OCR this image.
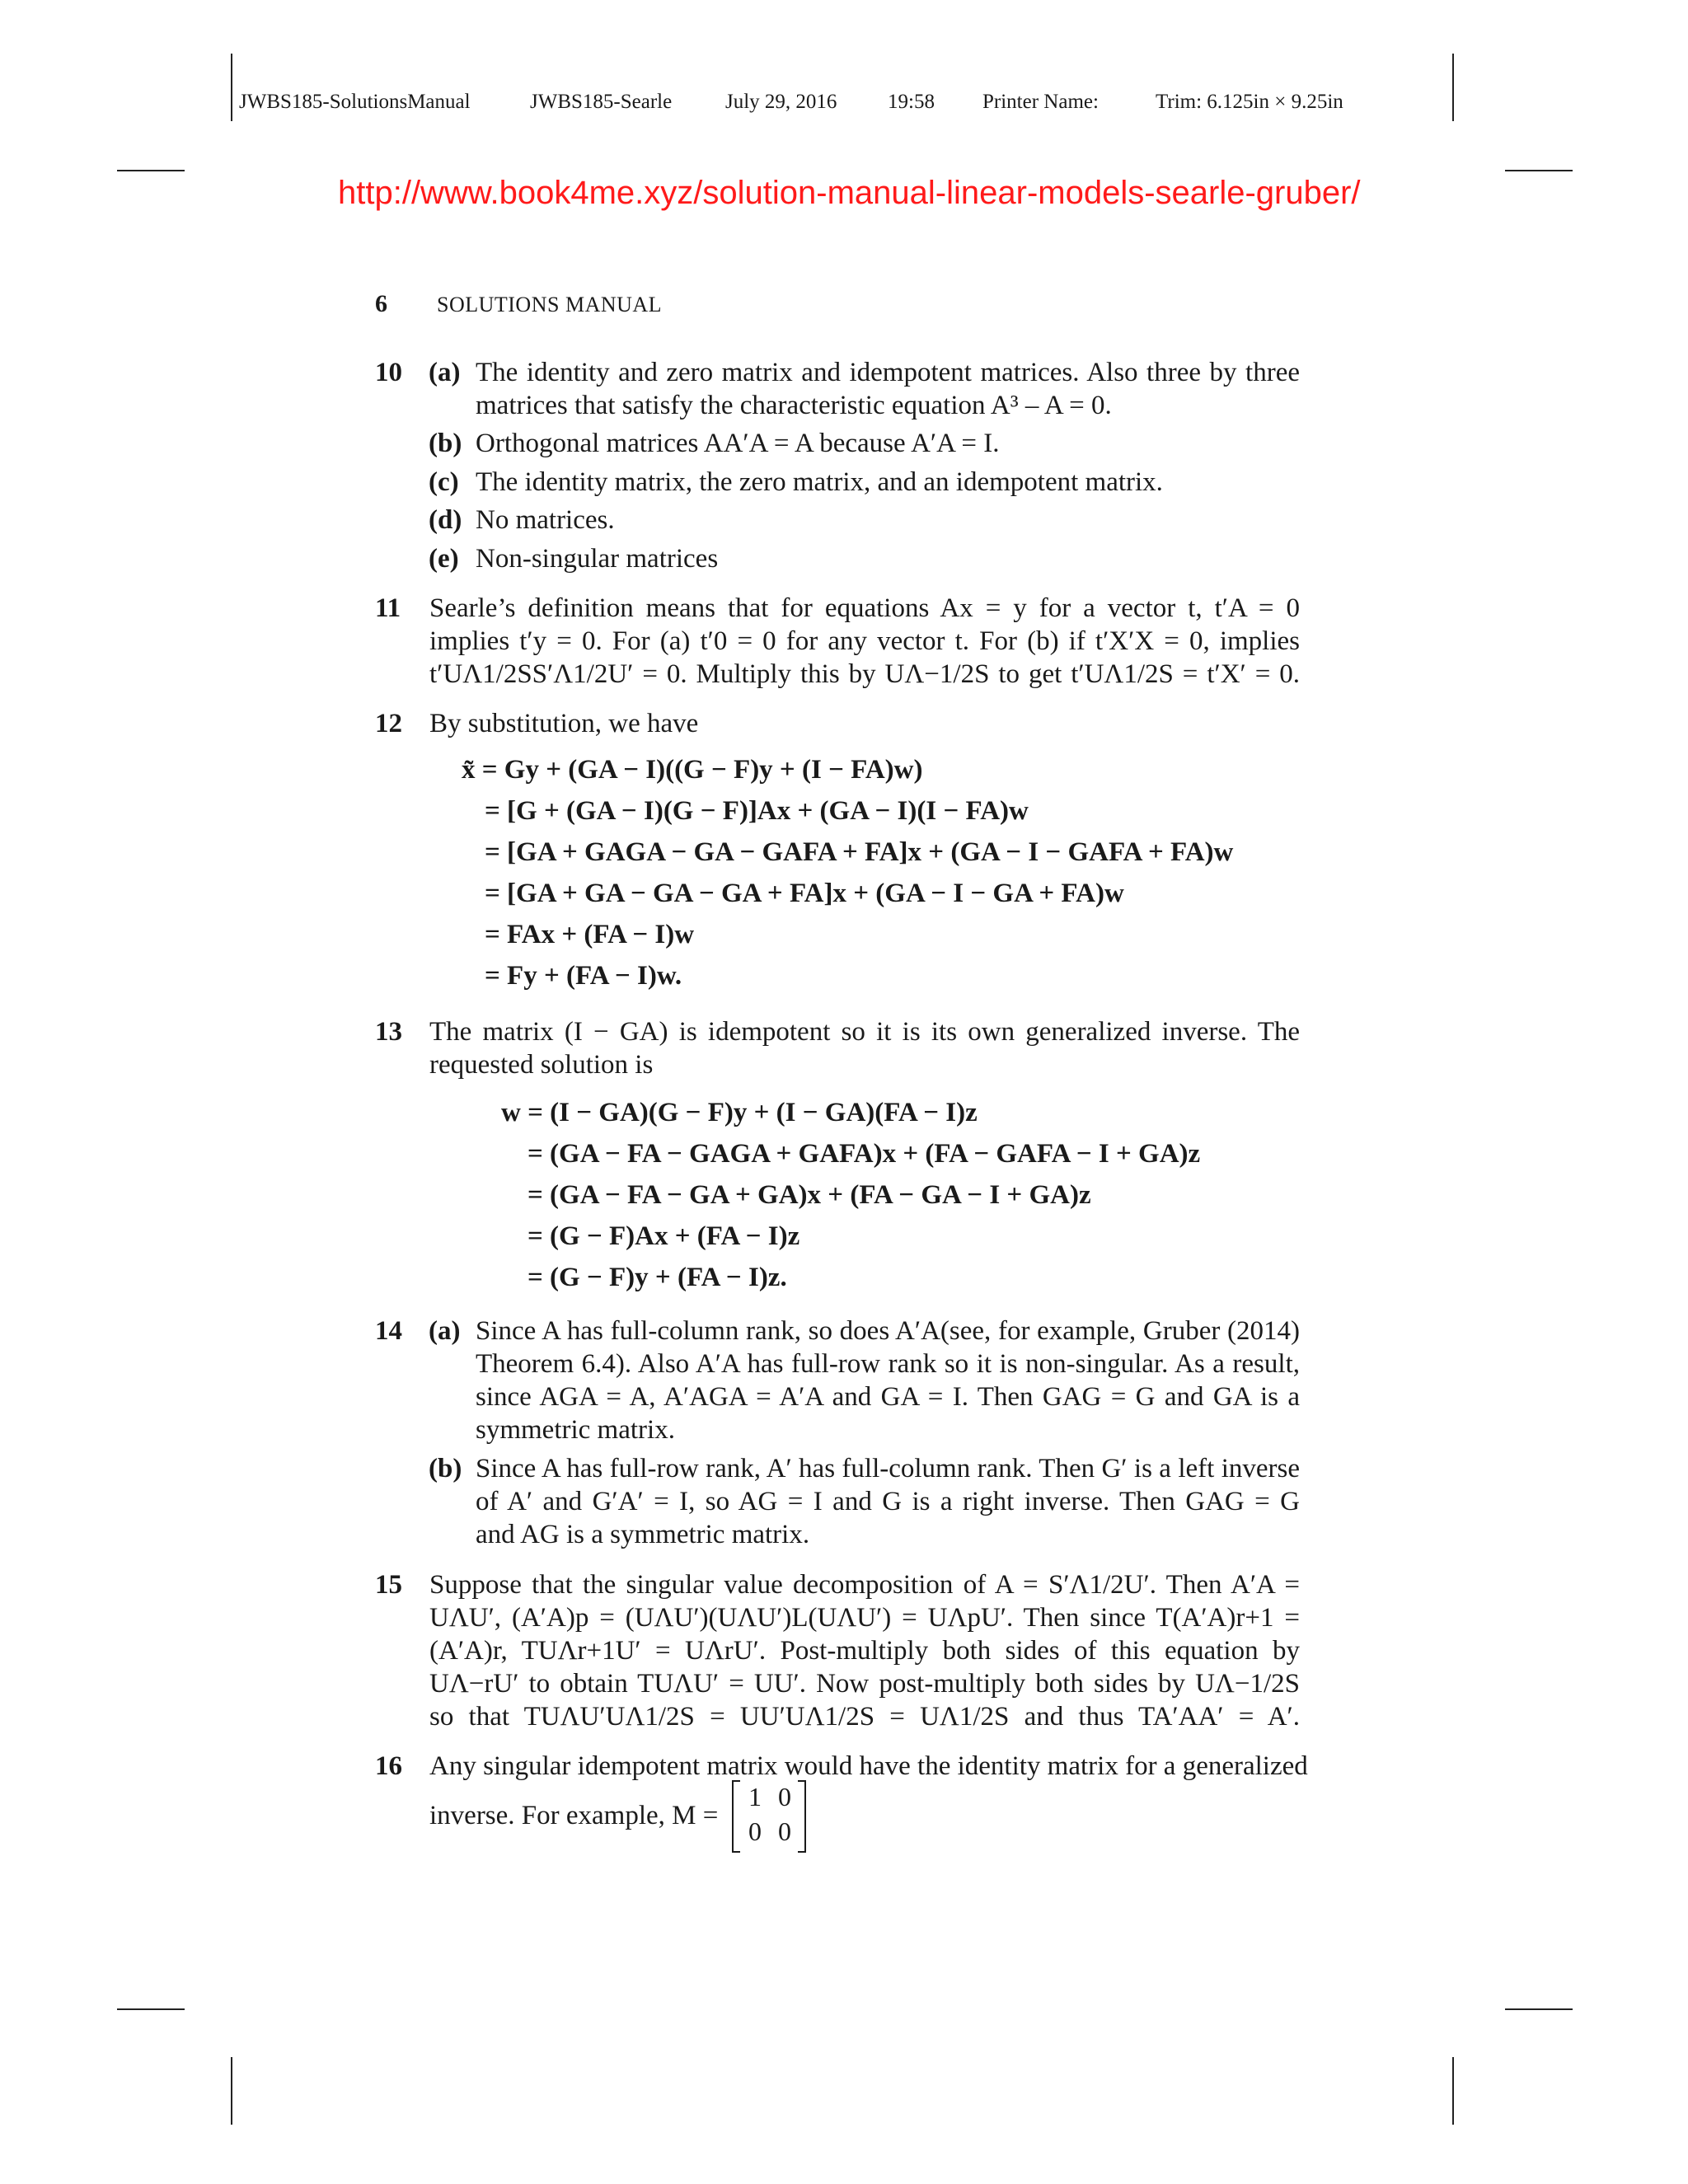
JWBS185-SolutionsManual	JWBS185-Searle	July 29, 2016 19:58 Printer Name:	Trim: 6.125in × 9.25in
http://www.book4me.xyz/solution-manual-linear-models-searle-gruber/
6 SOLUTIONS MANUAL
10 (a) The identity and zero matrix and idempotent matrices. Also three by three
matrices that satisfy the characteristic equation A³ – A = 0.
(b) Orthogonal matrices AA′A = A because A′A = I.
(c) The identity matrix, the zero matrix, and an idempotent matrix.
(d) No matrices.
(e) Non-singular matrices
11 Searle’s definition means that for equations Ax = y for a vector t, t′A = 0
implies t′y = 0. For (a) t′0 = 0 for any vector t. For (b) if t′X′X = 0, implies
t′UΛ1/2SS′Λ1/2U′ = 0. Multiply this by UΛ−1/2S to get t′UΛ1/2S = t′X′ = 0.
12 By substitution, we have
x̃ = Gy + (GA − I)((G − F)y + (I − FA)w)
= [G + (GA − I)(G − F)]Ax + (GA − I)(I − FA)w
= [GA + GAGA − GA − GAFA + FA]x + (GA − I − GAFA + FA)w
= [GA + GA − GA − GA + FA]x + (GA − I − GA + FA)w
= FAx + (FA − I)w
= Fy + (FA − I)w.
13 The matrix (I − GA) is idempotent so it is its own generalized inverse. The
requested solution is
w = (I − GA)(G − F)y + (I − GA)(FA − I)z
= (GA − FA − GAGA + GAFA)x + (FA − GAFA − I + GA)z
= (GA − FA − GA + GA)x + (FA − GA − I + GA)z
= (G − F)Ax + (FA − I)z
= (G − F)y + (FA − I)z.
14 (a) Since A has full-column rank, so does A′A(see, for example, Gruber (2014)
Theorem 6.4). Also A′A has full-row rank so it is non-singular. As a result,
since AGA = A, A′AGA = A′A and GA = I. Then GAG = G and GA is a
symmetric matrix.
(b) Since A has full-row rank, A′ has full-column rank. Then G′ is a left inverse
of A′ and G′A′ = I, so AG = I and G is a right inverse. Then GAG = G
and AG is a symmetric matrix.
15 Suppose that the singular value decomposition of A = S′Λ1/2U′. Then A′A =
UΛU′, (A′A)p = (UΛU′)(UΛU′)L(UΛU′) = UΛpU′. Then since T(A′A)r+1 =
(A′A)r, TUΛr+1U′ = UΛrU′. Post-multiply both sides of this equation by
UΛ−rU′ to obtain TUΛU′ = UU′. Now post-multiply both sides by UΛ−1/2S
so that TUΛU′UΛ1/2S = UU′UΛ1/2S = UΛ1/2S and thus TA′AA′ = A′.
16 Any singular idempotent matrix would have the identity matrix for a generalized
inverse. For example, M =
1 0
0 0
